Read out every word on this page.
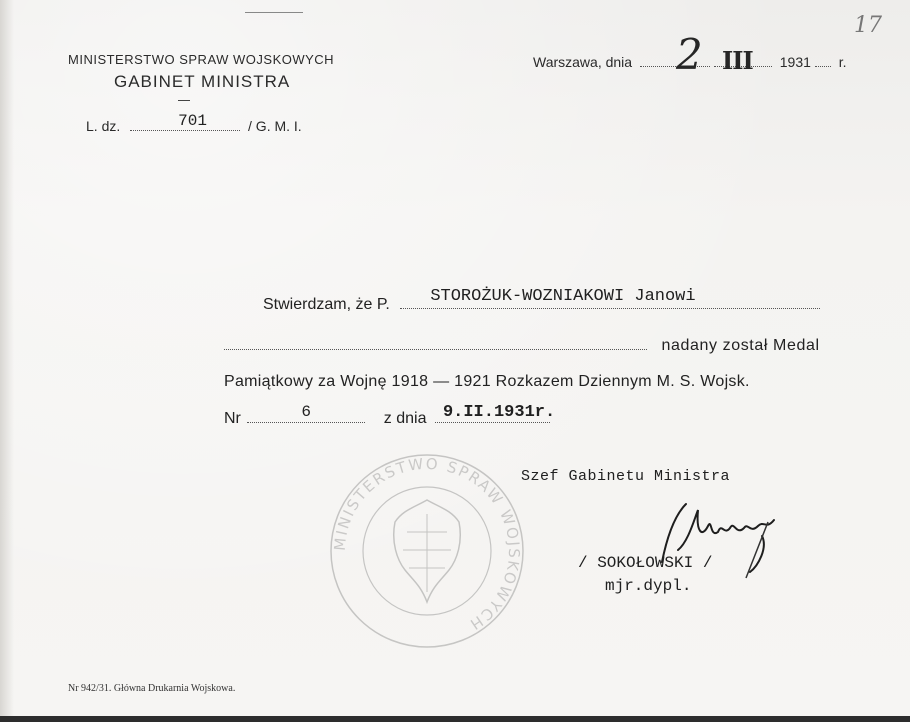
17
MINISTERSTWO SPRAW WOJSKOWYCH
GABINET MINISTRA
L. dz.	701	/ G. M. I.
Warszawa, dnia	1931 r.
2 III
Stwierdzam, że P. STOROŻUK-WOZNIAKOWI Janowi
nadany został Medal
Pamiątkowy za Wojnę 1918 — 1921 Rozkazem Dziennym M. S. Wojsk.
Nr	6	z dnia 9.II.1931r.
Szef Gabinetu Ministra
/ SOKOŁOWSKI /
mjr.dypl.
MINISTERSTWO SPRAW WOJSKOWYCH
Nr 942/31. Główna Drukarnia Wojskowa.
